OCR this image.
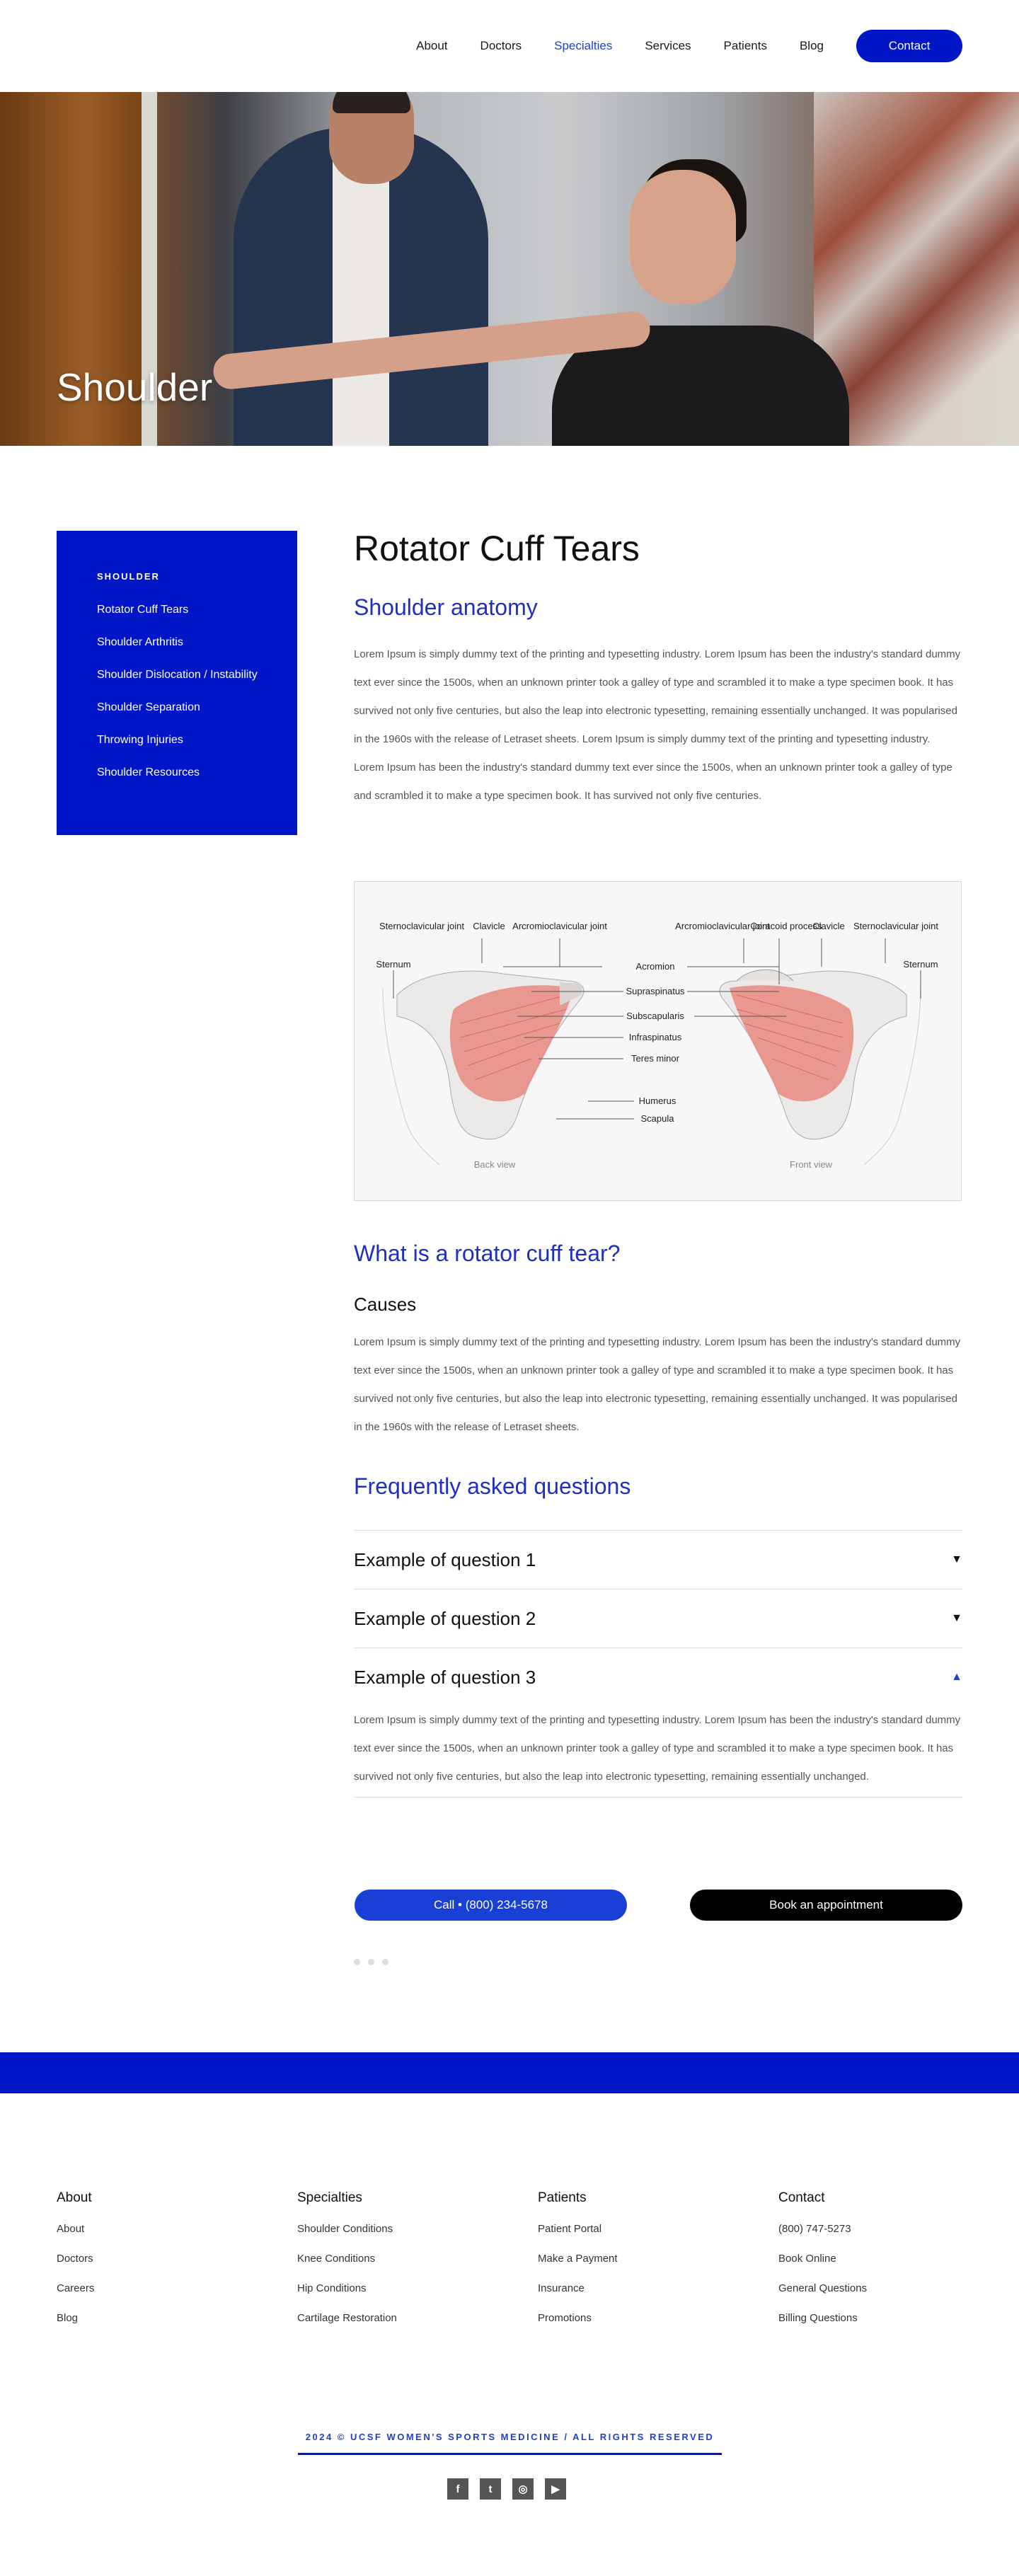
About	Doctors	Specialties	Services	Patients	Blog	Contact
Shoulder
SHOULDER
Rotator Cuff Tears
Shoulder Arthritis
Shoulder Dislocation / Instability
Shoulder Separation
Throwing Injuries
Shoulder Resources
Rotator Cuff Tears
Shoulder anatomy

Lorem Ipsum is simply dummy text of the printing and typesetting industry. Lorem Ipsum has been the industry's standard dummy text ever since the 1500s, when an unknown printer took a galley of type and scrambled it to make a type specimen book. It has survived not only five centuries, but also the leap into electronic typesetting, remaining essentially unchanged. It was popularised in the 1960s with the release of Letraset sheets. Lorem Ipsum is simply dummy text of the printing and typesetting industry. Lorem Ipsum has been the industry's standard dummy text ever since the 1500s, when an unknown printer took a galley of type and scrambled it to make a type specimen book. It has survived not only five centuries.

Sternoclavicular joint Clavicle Arcromioclavicular joint
Sternum
Arcromioclavicular joint
Coracoid process
Clavicle Sternoclavicular joint
Sternum
Acromion
Supraspinatus
Subscapularis
Infraspinatus
Teres minor
Humerus
Scapula
Back view	Front view
What is a rotator cuff tear?
Causes

Lorem Ipsum is simply dummy text of the printing and typesetting industry. Lorem Ipsum has been the industry's standard dummy text ever since the 1500s, when an unknown printer took a galley of type and scrambled it to make a type specimen book. It has survived not only five centuries, but also the leap into electronic typesetting, remaining essentially unchanged. It was popularised in the 1960s with the release of Letraset sheets.

Frequently asked questions
Example of question 1	▼
Example of question 2	▼
Example of question 3	▲

Lorem Ipsum is simply dummy text of the printing and typesetting industry. Lorem Ipsum has been the industry's standard dummy text ever since the 1500s, when an unknown printer took a galley of type and scrambled it to make a type specimen book. It has survived not only five centuries, but also the leap into electronic typesetting, remaining essentially unchanged.

Call • (800) 234-5678	Book an appointment
About
About
Doctors
Careers
Blog
Specialties
Shoulder Conditions
Knee Conditions
Hip Conditions
Cartilage Restoration
Patients
Patient Portal
Make a Payment
Insurance
Promotions
Contact
(800) 747-5273
Book Online
General Questions
Billing Questions
2024 © UCSF WOMEN'S SPORTS MEDICINE / ALL RIGHTS RESERVED
f	t	◎	▶
